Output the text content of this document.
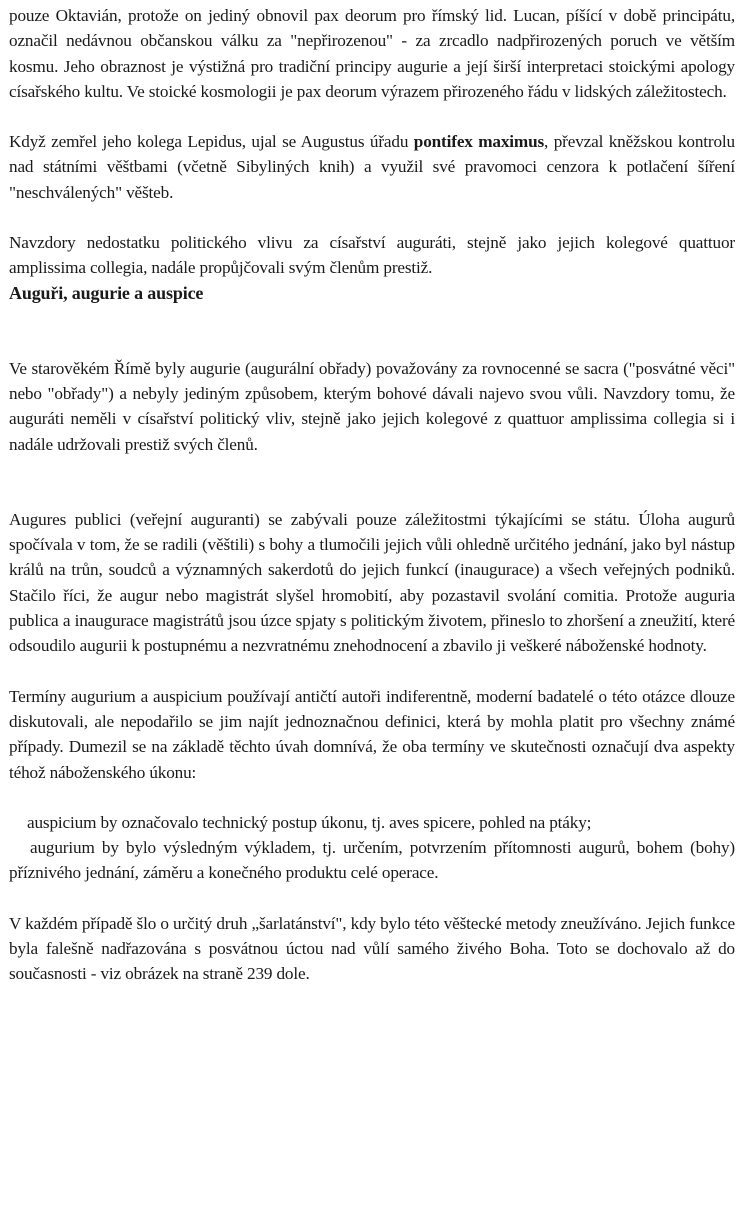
pouze Oktavián, protože on jediný obnovil pax deorum pro římský lid. Lucan, píšící v době principátu, označil nedávnou občanskou válku za "nepřirozenou" - za zrcadlo nadpřirozených poruch ve větším kosmu. Jeho obraznost je výstižná pro tradiční principy augurie a její širší interpretaci stoickými apology císařského kultu. Ve stoické kosmologii je pax deorum výrazem přirozeného řádu v lidských záležitostech.

Když zemřel jeho kolega Lepidus, ujal se Augustus úřadu pontifex maximus, převzal kněžskou kontrolu nad státními věštbami (včetně Sibyliných knih) a využil své pravomoci cenzora k potlačení šíření "neschválených" věšteb.

Navzdory nedostatku politického vlivu za císařství auguráti, stejně jako jejich kolegové quattuor amplissima collegia, nadále propůjčovali svým členům prestiž.

Auguři, augurie a auspice

Ve starověkém Římě byly augurie (augurální obřady) považovány za rovnocenné se sacra ("posvátné věci" nebo "obřady") a nebyly jediným způsobem, kterým bohové dávali najevo svou vůli. Navzdory tomu, že auguráti neměli v císařství politický vliv, stejně jako jejich kolegové z quattuor amplissima collegia si i nadále udržovali prestiž svých členů.

Augures publici (veřejní auguranti) se zabývali pouze záležitostmi týkajícími se státu. Úloha augurů spočívala v tom, že se radili (věštili) s bohy a tlumočili jejich vůli ohledně určitého jednání, jako byl nástup králů na trůn, soudců a významných sakerdotů do jejich funkcí (inaugurace) a všech veřejných podniků. Stačilo říci, že augur nebo magistrát slyšel hromobití, aby pozastavil svolání comitia. Protože auguria publica a inaugurace magistrátů jsou úzce spjaty s politickým životem, přineslo to zhoršení a zneužití, které odsoudilo augurii k postupnému a nezvratnému znehodnocení a zbavilo ji veškeré náboženské hodnoty.

Termíny augurium a auspicium používají antičtí autoři indiferentně, moderní badatelé o této otázce dlouze diskutovali, ale nepodařilo se jim najít jednoznačnou definici, která by mohla platit pro všechny známé případy. Dumezil se na základě těchto úvah domnívá, že oba termíny ve skutečnosti označují dva aspekty téhož náboženského úkonu:

auspicium by označovalo technický postup úkonu, tj. aves spicere, pohled na ptáky;

augurium by bylo výsledným výkladem, tj. určením, potvrzením přítomnosti augurů, bohem (bohy) příznivého jednání, záměru a konečného produktu celé operace.

V každém případě šlo o určitý druh „šarlatánství", kdy bylo této věštecké metody zneužíváno. Jejich funkce byla falešně nadřazována s posvátnou úctou nad vůlí samého živého Boha. Toto se dochovalo až do současnosti - viz obrázek na straně 239 dole.
